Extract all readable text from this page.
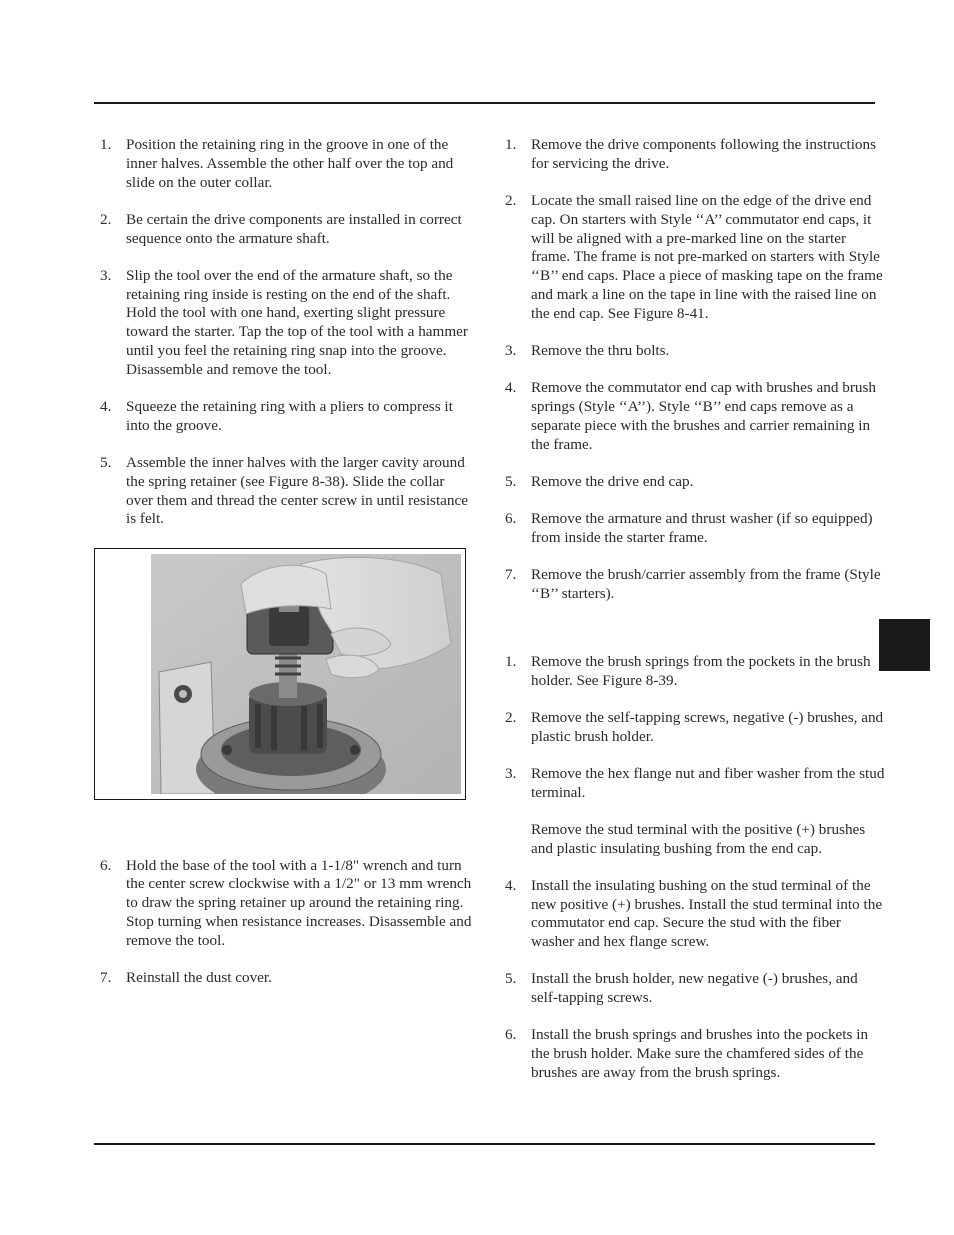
1. Position the retaining ring in the groove in one of the inner halves. Assemble the other half over the top and slide on the outer collar.
2. Be certain the drive components are installed in correct sequence onto the armature shaft.
3. Slip the tool over the end of the armature shaft, so the retaining ring inside is resting on the end of the shaft. Hold the tool with one hand, exerting slight pressure toward the starter. Tap the top of the tool with a hammer until you feel the retaining ring snap into the groove. Disassemble and remove the tool.
4. Squeeze the retaining ring with a pliers to compress it into the groove.
5. Assemble the inner halves with the larger cavity around the spring retainer (see Figure 8-38). Slide the collar over them and thread the center screw in until resistance is felt.
6. Hold the base of the tool with a 1-1/8" wrench and turn the center screw clockwise with a 1/2" or 13 mm wrench to draw the spring retainer up around the retaining ring. Stop turning when resistance increases. Disassemble and remove the tool.
7. Reinstall the dust cover.
1. Remove the drive components following the instructions for servicing the drive.
2. Locate the small raised line on the edge of the drive end cap. On starters with Style ‘‘A’’ commutator end caps, it will be aligned with a pre-marked line on the starter frame. The frame is not pre-marked on starters with Style ‘‘B’’ end caps. Place a piece of masking tape on the frame and mark a line on the tape in line with the raised line on the end cap. See Figure 8-41.
3. Remove the thru bolts.
4. Remove the commutator end cap with brushes and brush springs (Style ‘‘A’’). Style ‘‘B’’ end caps remove as a separate piece with the brushes and carrier remaining in the frame.
5. Remove the drive end cap.
6. Remove the armature and thrust washer (if so equipped) from inside the starter frame.
7. Remove the brush/carrier assembly from the frame (Style ‘‘B’’ starters).
1. Remove the brush springs from the pockets in the brush holder. See Figure 8-39.
2. Remove the self-tapping screws, negative (-) brushes, and plastic brush holder.
3. Remove the hex flange nut and fiber washer from the stud terminal.

Remove the stud terminal with the positive (+) brushes and plastic insulating bushing from the end cap.

4. Install the insulating bushing on the stud terminal of the new positive (+) brushes. Install the stud terminal into the commutator end cap. Secure the stud with the fiber washer and hex flange screw.
5. Install the brush holder, new negative (-) brushes, and self-tapping screws.
6. Install the brush springs and brushes into the pockets in the brush holder. Make sure the chamfered sides of the brushes are away from the brush springs.
